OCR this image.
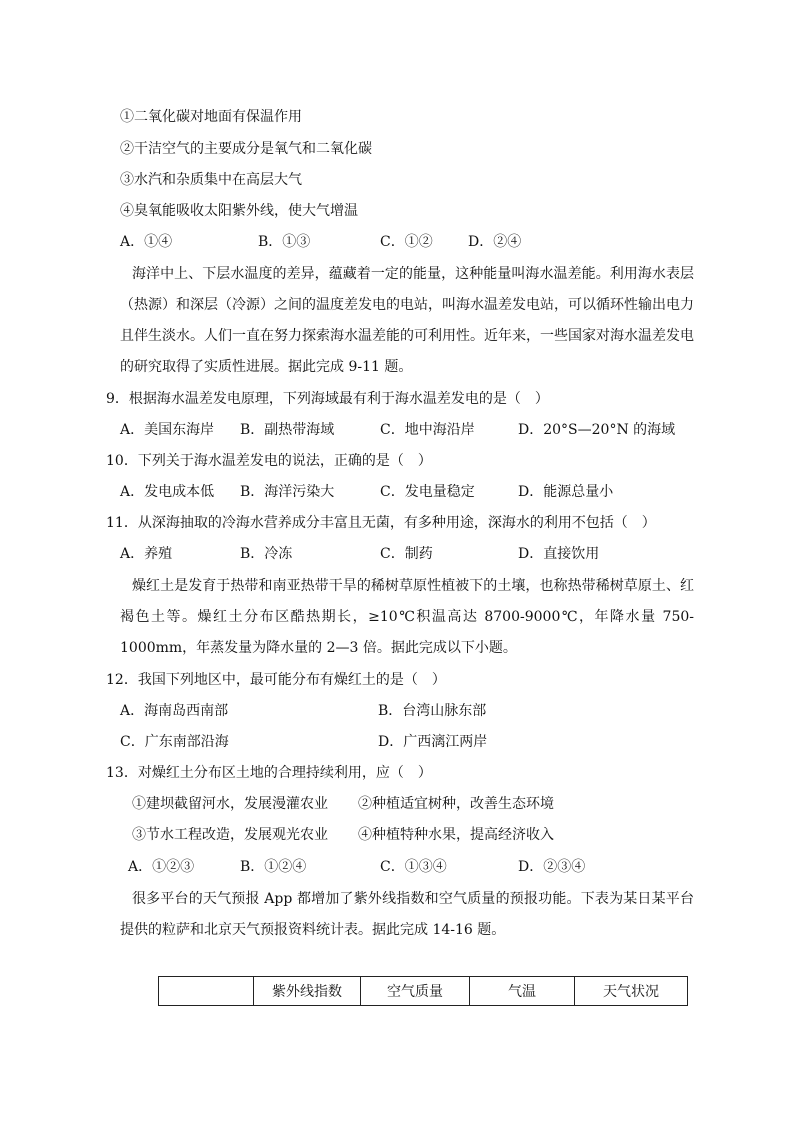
①二氧化碳对地面有保温作用
②干洁空气的主要成分是氧气和二氧化碳
③水汽和杂质集中在高层大气
④臭氧能吸收太阳紫外线，使大气增温
A．①④	B．①③	C．①②	D．②④
海洋中上、下层水温度的差异，蕴藏着一定的能量，这种能量叫海水温差能。利用海水表层（热源）和深层（冷源）之间的温度差发电的电站，叫海水温差发电站，可以循环性输出电力且伴生淡水。人们一直在努力探索海水温差能的可利用性。近年来，一些国家对海水温差发电的研究取得了实质性进展。据此完成 9-11 题。
9．根据海水温差发电原理，下列海域最有利于海水温差发电的是（　）
A．美国东海岸 B．副热带海域	C．地中海沿岸	D．20°S—20°N 的海域
10．下列关于海水温差发电的说法，正确的是（　）
A．发电成本低 B．海洋污染大	C．发电量稳定	D．能源总量小
11．从深海抽取的冷海水营养成分丰富且无菌，有多种用途，深海水的利用不包括（　）
A．养殖	B．冷冻	C．制药	D．直接饮用
燥红土是发育于热带和南亚热带干旱的稀树草原性植被下的土壤，也称热带稀树草原土、红褐色土等。燥红土分布区酷热期长，≥10℃积温高达 8700-9000℃，年降水量 750-1000mm，年蒸发量为降水量的 2—3 倍。据此完成以下小题。
12．我国下列地区中，最可能分布有燥红土的是（　）
A．海南岛西南部	B．台湾山脉东部
C．广东南部沿海	D．广西漓江两岸
13．对燥红土分布区土地的合理持续利用，应（　）
①建坝截留河水，发展漫灌农业 ②种植适宜树种，改善生态环境
③节水工程改造，发展观光农业 ④种植特种水果，提高经济收入
A．①②③	B．①②④	C．①③④	D．②③④
很多平台的天气预报 App 都增加了紫外线指数和空气质量的预报功能。下表为某日某平台提供的粒萨和北京天气预报资料统计表。据此完成 14-16 题。
	紫外线指数	空气质量	气温	天气状况
